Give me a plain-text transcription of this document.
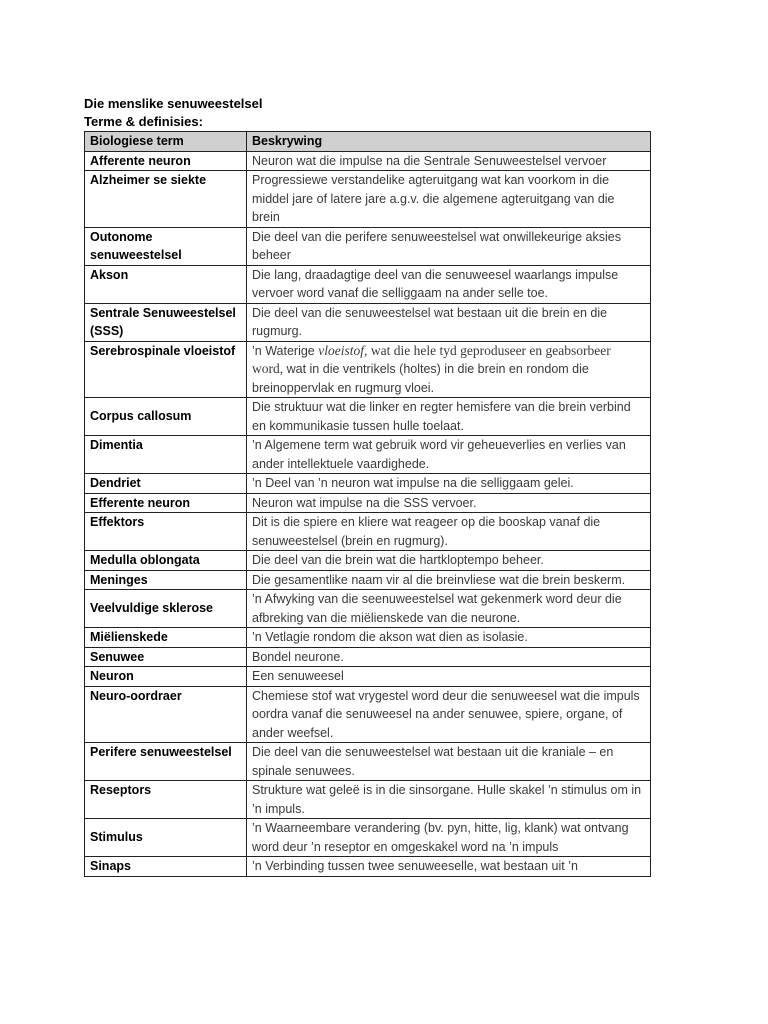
Die menslike senuweestelsel

Terme & definisies:

Biologiese term	Beskrywing
Afferente neuron	Neuron wat die impulse na die Sentrale Senuweestelsel vervoer
Alzheimer se siekte	Progressiewe verstandelike agteruitgang wat kan voorkom in die middel jare of latere jare a.g.v. die algemene agteruitgang van die brein
Outonome senuweestelsel	Die deel van die perifere senuweestelsel wat onwillekeurige aksies beheer
Akson	Die lang, draadagtige deel van die senuweesel waarlangs impulse vervoer word vanaf die selliggaam na ander selle toe.
Sentrale Senuweestelsel (SSS)	Die deel van die senuweestelsel wat bestaan uit die brein en die rugmurg.
Serebrospinale vloeistof	’n Waterige vloeistof, wat die hele tyd geproduseer en geabsorbeer word, wat in die ventrikels (holtes) in die brein en rondom die breinoppervlak en rugmurg vloei.
Corpus callosum	Die struktuur wat die linker en regter hemisfere van die brein verbind en kommunikasie tussen hulle toelaat.
Dimentia	’n Algemene term wat gebruik word vir geheueverlies en verlies van ander intellektuele vaardighede.
Dendriet	’n Deel van ’n neuron wat impulse na die selliggaam gelei.
Efferente neuron	Neuron wat impulse na die SSS vervoer.
Effektors	Dit is die spiere en kliere wat reageer op die booskap vanaf die senuweestelsel (brein en rugmurg).
Medulla oblongata	Die deel van die brein wat die hartkloptempo beheer.
Meninges	Die gesamentlike naam vir al die breinvliese wat die brein beskerm.
Veelvuldige sklerose	’n Afwyking van die seenuweestelsel wat gekenmerk word deur die afbreking van die miëlienskede van die neurone.
Miëlienskede	’n Vetlagie rondom die akson wat dien as isolasie.
Senuwee	Bondel neurone.
Neuron	Een senuweesel
Neuro-oordraer	Chemiese stof wat vrygestel word deur die senuweesel wat die impuls oordra vanaf die senuweesel na ander senuwee, spiere, organe, of ander weefsel.
Perifere senuweestelsel	Die deel van die senuweestelsel wat bestaan uit die kraniale – en spinale senuwees.
Reseptors	Strukture wat geleë is in die sinsorgane. Hulle skakel ’n stimulus om in ’n impuls.
Stimulus	’n Waarneembare verandering (bv. pyn, hitte, lig, klank) wat ontvang word deur ’n reseptor en omgeskakel word na ’n impuls
Sinaps	’n Verbinding tussen twee senuweeselle, wat bestaan uit ’n
